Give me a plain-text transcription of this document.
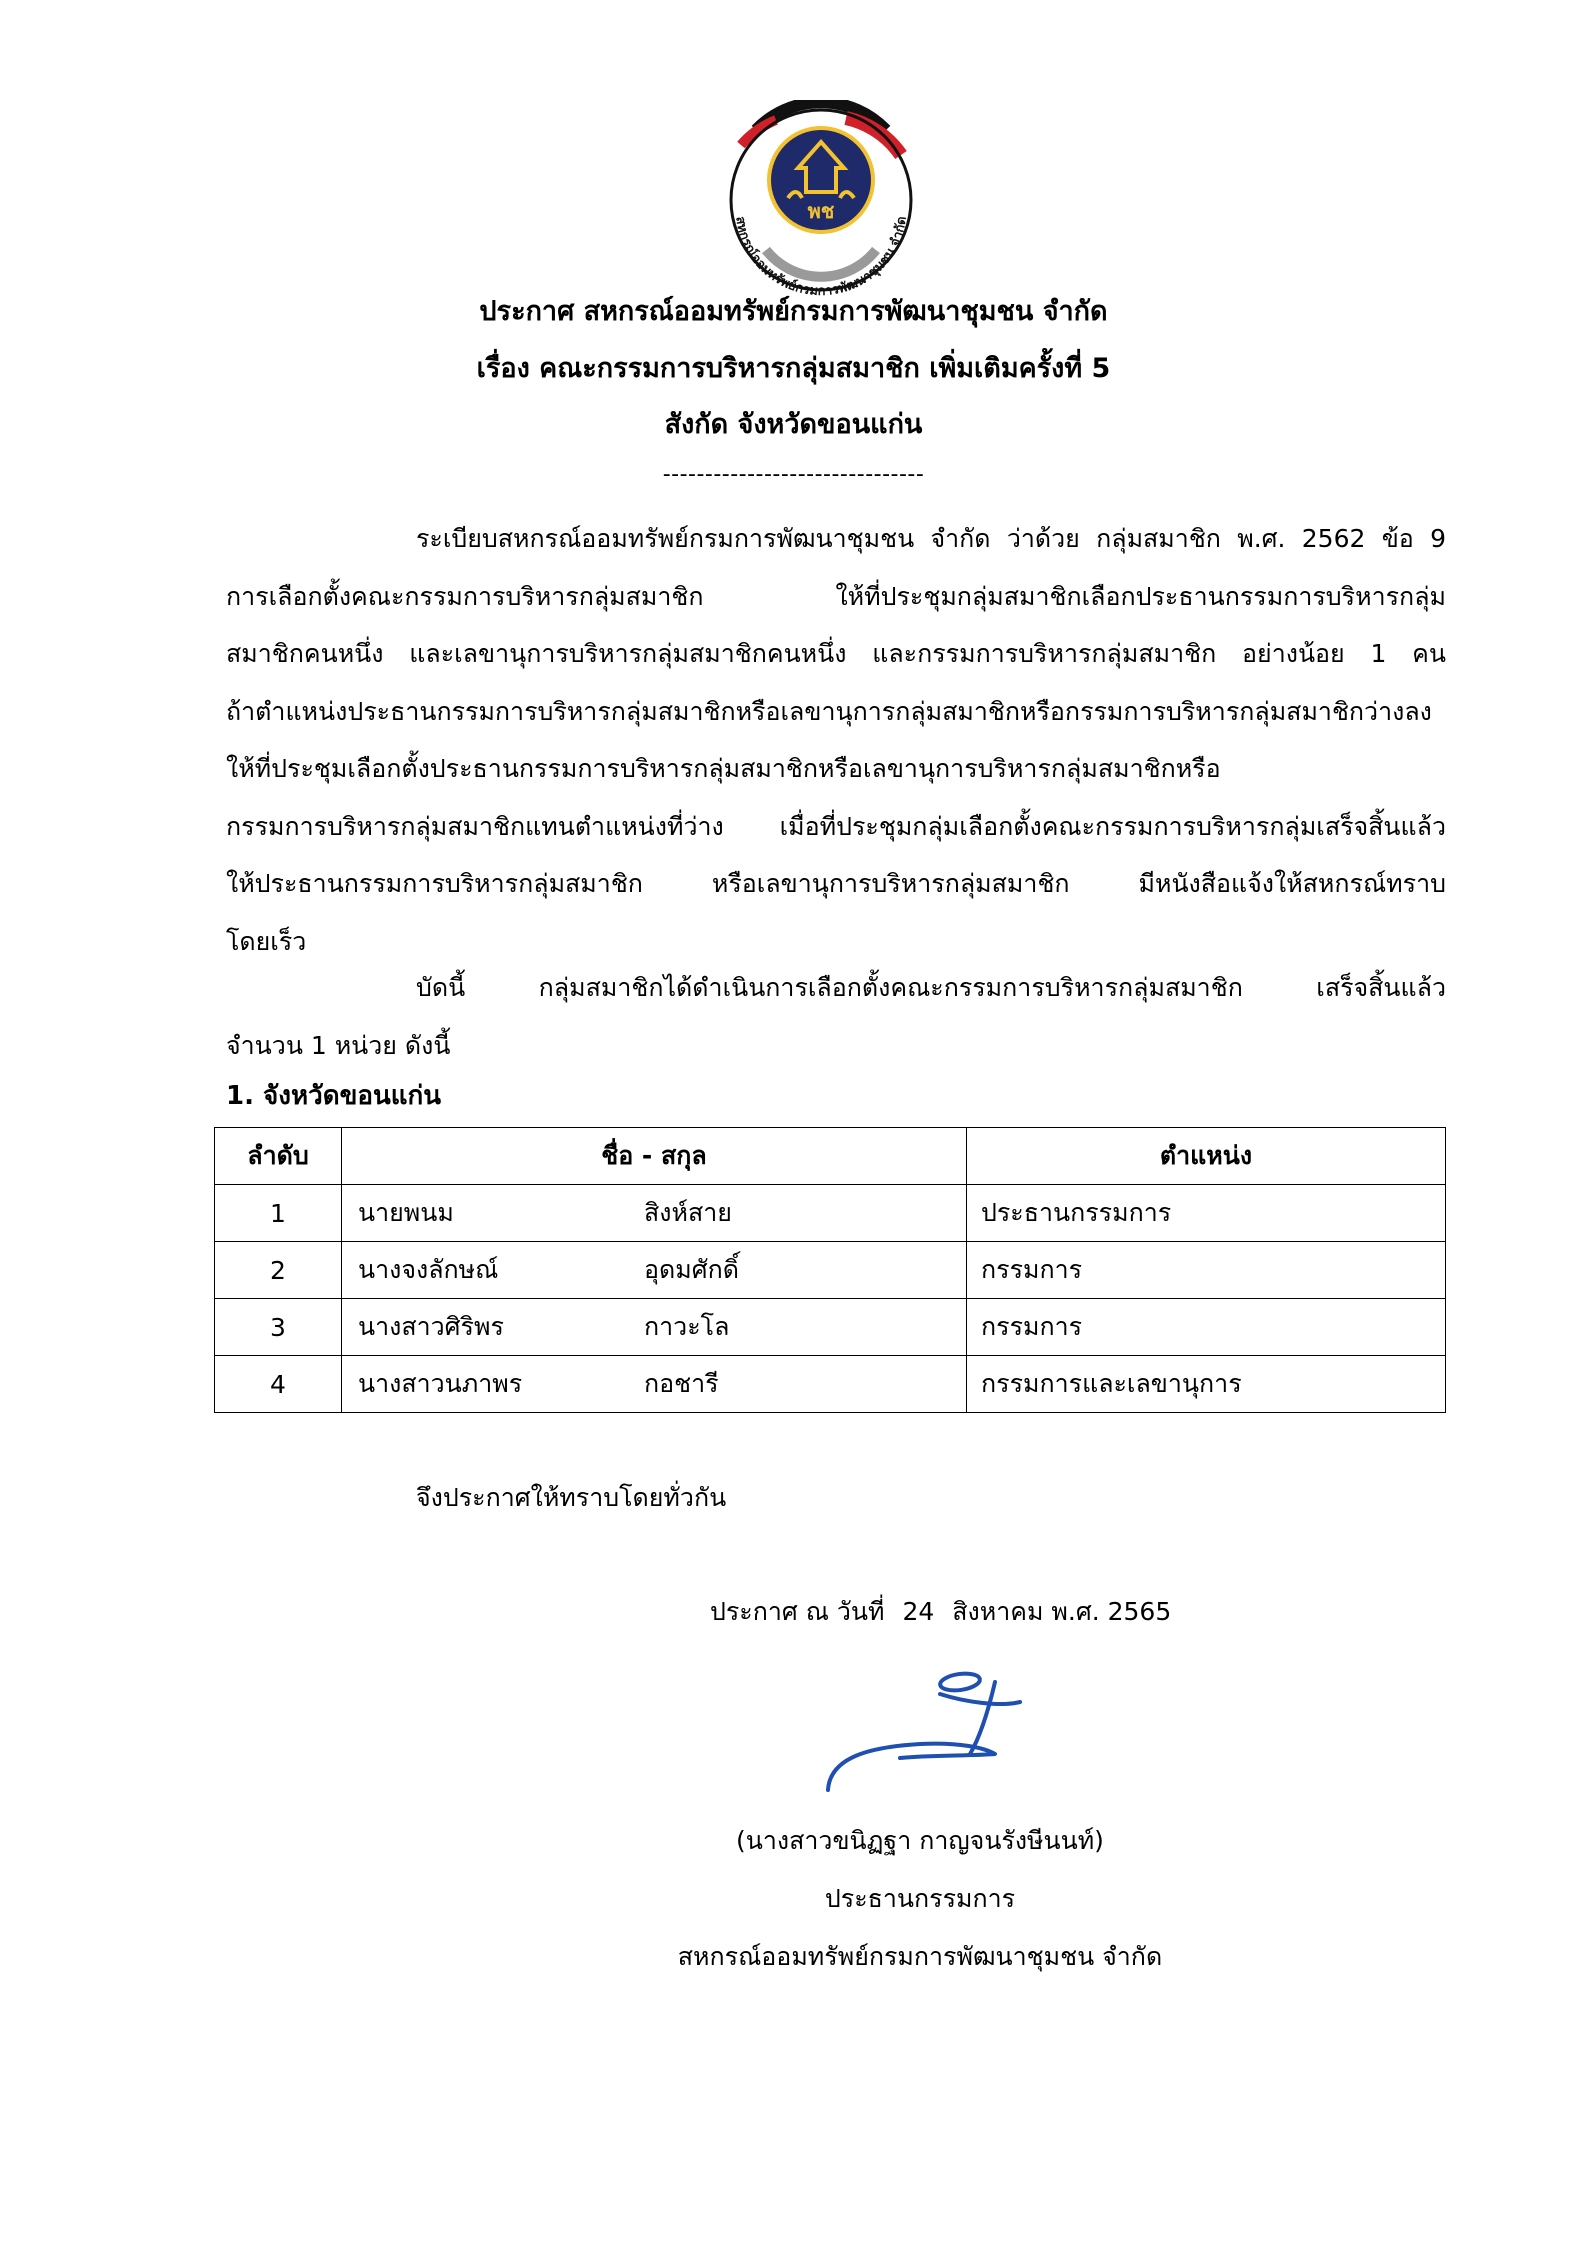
พช
สหกรณ์ออมทรัพย์กรมการพัฒนาชุมชน จำกัด
ประกาศ สหกรณ์ออมทรัพย์กรมการพัฒนาชุมชน จำกัด
เรื่อง คณะกรรมการบริหารกลุ่มสมาชิก เพิ่มเติมครั้งที่ 5
สังกัด จังหวัดขอนแก่น
-------------------------------
ระเบียบสหกรณ์ออมทรัพย์กรมการพัฒนาชุมชน จำกัด ว่าด้วย กลุ่มสมาชิก พ.ศ. 2562 ข้อ 9
การเลือกตั้งคณะกรรมการบริหารกลุ่มสมาชิก ให้ที่ประชุมกลุ่มสมาชิกเลือกประธานกรรมการบริหารกลุ่ม
สมาชิกคนหนึ่ง และเลขานุการบริหารกลุ่มสมาชิกคนหนึ่ง และกรรมการบริหารกลุ่มสมาชิก อย่างน้อย 1 คน
ถ้าตำแหน่งประธานกรรมการบริหารกลุ่มสมาชิกหรือเลขานุการกลุ่มสมาชิกหรือกรรมการบริหารกลุ่มสมาชิกว่างลง
ให้ที่ประชุมเลือกตั้งประธานกรรมการบริหารกลุ่มสมาชิกหรือเลขานุการบริหารกลุ่มสมาชิกหรือ
กรรมการบริหารกลุ่มสมาชิกแทนตำแหน่งที่ว่าง เมื่อที่ประชุมกลุ่มเลือกตั้งคณะกรรมการบริหารกลุ่มเสร็จสิ้นแล้ว
ให้ประธานกรรมการบริหารกลุ่มสมาชิก หรือเลขานุการบริหารกลุ่มสมาชิก มีหนังสือแจ้งให้สหกรณ์ทราบ
โดยเร็ว
บัดนี้ กลุ่มสมาชิกได้ดำเนินการเลือกตั้งคณะกรรมการบริหารกลุ่มสมาชิก เสร็จสิ้นแล้ว
จำนวน 1 หน่วย ดังนี้
1. จังหวัดขอนแก่น
ลำดับ	ชื่อ - สกุล	ตำแหน่ง
1	นายพนม สิงห์สาย	ประธานกรรมการ
2	นางจงลักษณ์ อุดมศักดิ์	กรรมการ
3	นางสาวศิริพร กาวะโล	กรรมการ
4	นางสาวนภาพร กอชารี	กรรมการและเลขานุการ
จึงประกาศให้ทราบโดยทั่วกัน
ประกาศ ณ วันที่ 24 สิงหาคม พ.ศ. 2565
(นางสาวขนิฏฐา กาญจนรังษีนนท์)
ประธานกรรมการ
สหกรณ์ออมทรัพย์กรมการพัฒนาชุมชน จำกัด
